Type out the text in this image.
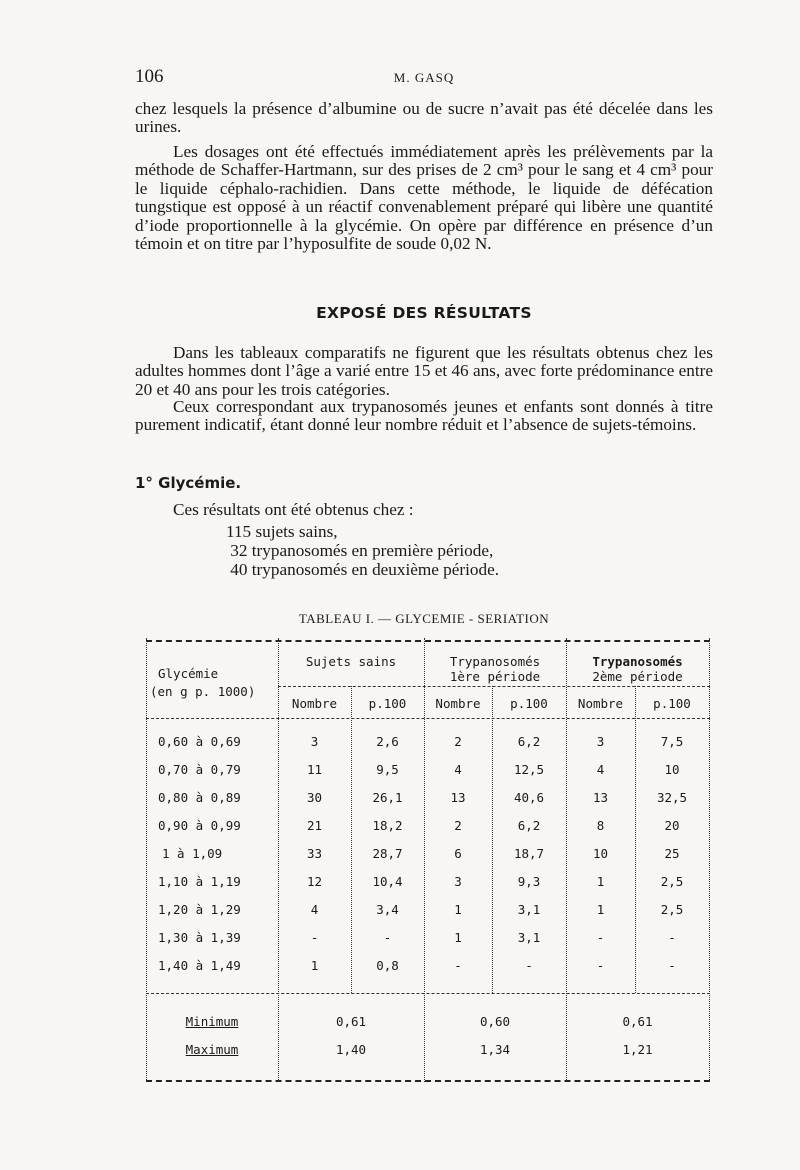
106	M. GASQ

chez lesquels la présence d’albumine ou de sucre n’avait pas été décelée dans les urines.

Les dosages ont été effectués immédiatement après les prélèvements par la méthode de Schaffer-Hartmann, sur des prises de 2 cm³ pour le sang et 4 cm³ pour le liquide céphalo-rachidien. Dans cette méthode, le liquide de défécation tungstique est opposé à un réactif convenablement préparé qui libère une quantité d’iode proportionnelle à la glycémie. On opère par différence en présence d’un témoin et on titre par l’hyposulfite de soude 0,02 N.

EXPOSÉ DES RÉSULTATS

Dans les tableaux comparatifs ne figurent que les résultats obtenus chez les adultes hommes dont l’âge a varié entre 15 et 46 ans, avec forte prédominance entre 20 et 40 ans pour les trois catégories.

Ceux correspondant aux trypanosomés jeunes et enfants sont donnés à titre purement indicatif, étant donné leur nombre réduit et l’absence de sujets-témoins.

1° Glycémie.
Ces résultats ont été obtenus chez :
115 sujets sains,
32 trypanosomés en première période,
40 trypanosomés en deuxième période.
TABLEAU I. — GLYCEMIE - SERIATION
Glycémie
(en g p. 1000)
Sujets sains	Trypanosomés
1ère période
Trypanosomés
2ème période
Nombre	p.100	Nombre	p.100	Nombre	p.100
0,60 à 0,69	3	2,6	2	6,2	3	7,5
0,70 à 0,79	11	9,5	4	12,5	4	10
0,80 à 0,89	30	26,1	13	40,6	13	32,5
0,90 à 0,99	21	18,2	2	6,2	8	20
1 à 1,09	33	28,7	6	18,7	10	25
1,10 à 1,19	12	10,4	3	9,3	1	2,5
1,20 à 1,29	4	3,4	1	3,1	1	2,5
1,30 à 1,39	-	-	1	3,1	-	-
1,40 à 1,49	1	0,8	-	-	-	-
Minimum	0,61	0,60	0,61
Maximum	1,40	1,34	1,21
